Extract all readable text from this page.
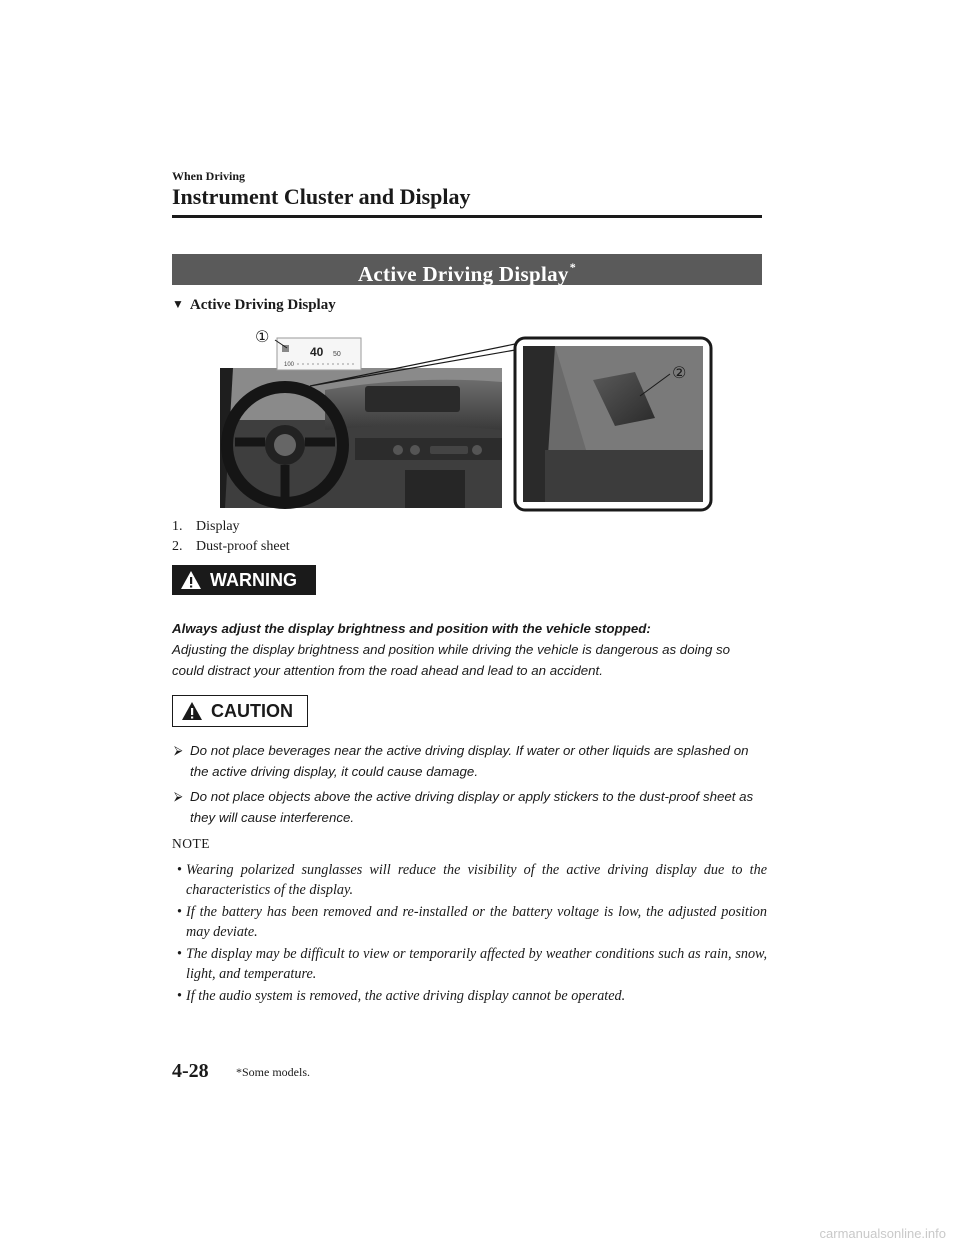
When Driving
Instrument Cluster and Display
Active Driving Display*
▼ Active Driving Display
40 50
100
①
②
1. Display
2. Dust-proof sheet
WARNING
Always adjust the display brightness and position with the vehicle stopped:
Adjusting the display brightness and position while driving the vehicle is dangerous as doing so could distract your attention from the road ahead and lead to an accident.
CAUTION
⮚ Do not place beverages near the active driving display. If water or other liquids are splashed on the active driving display, it could cause damage.
⮚ Do not place objects above the active driving display or apply stickers to the dust-proof sheet as they will cause interference.
NOTE
• Wearing polarized sunglasses will reduce the visibility of the active driving display due to the characteristics of the display.
• If the battery has been removed and re-installed or the battery voltage is low, the adjusted position may deviate.
• The display may be difficult to view or temporarily affected by weather conditions such as rain, snow, light, and temperature.
• If the audio system is removed, the active driving display cannot be operated.
4-28 *Some models.
carmanualsonline.info
